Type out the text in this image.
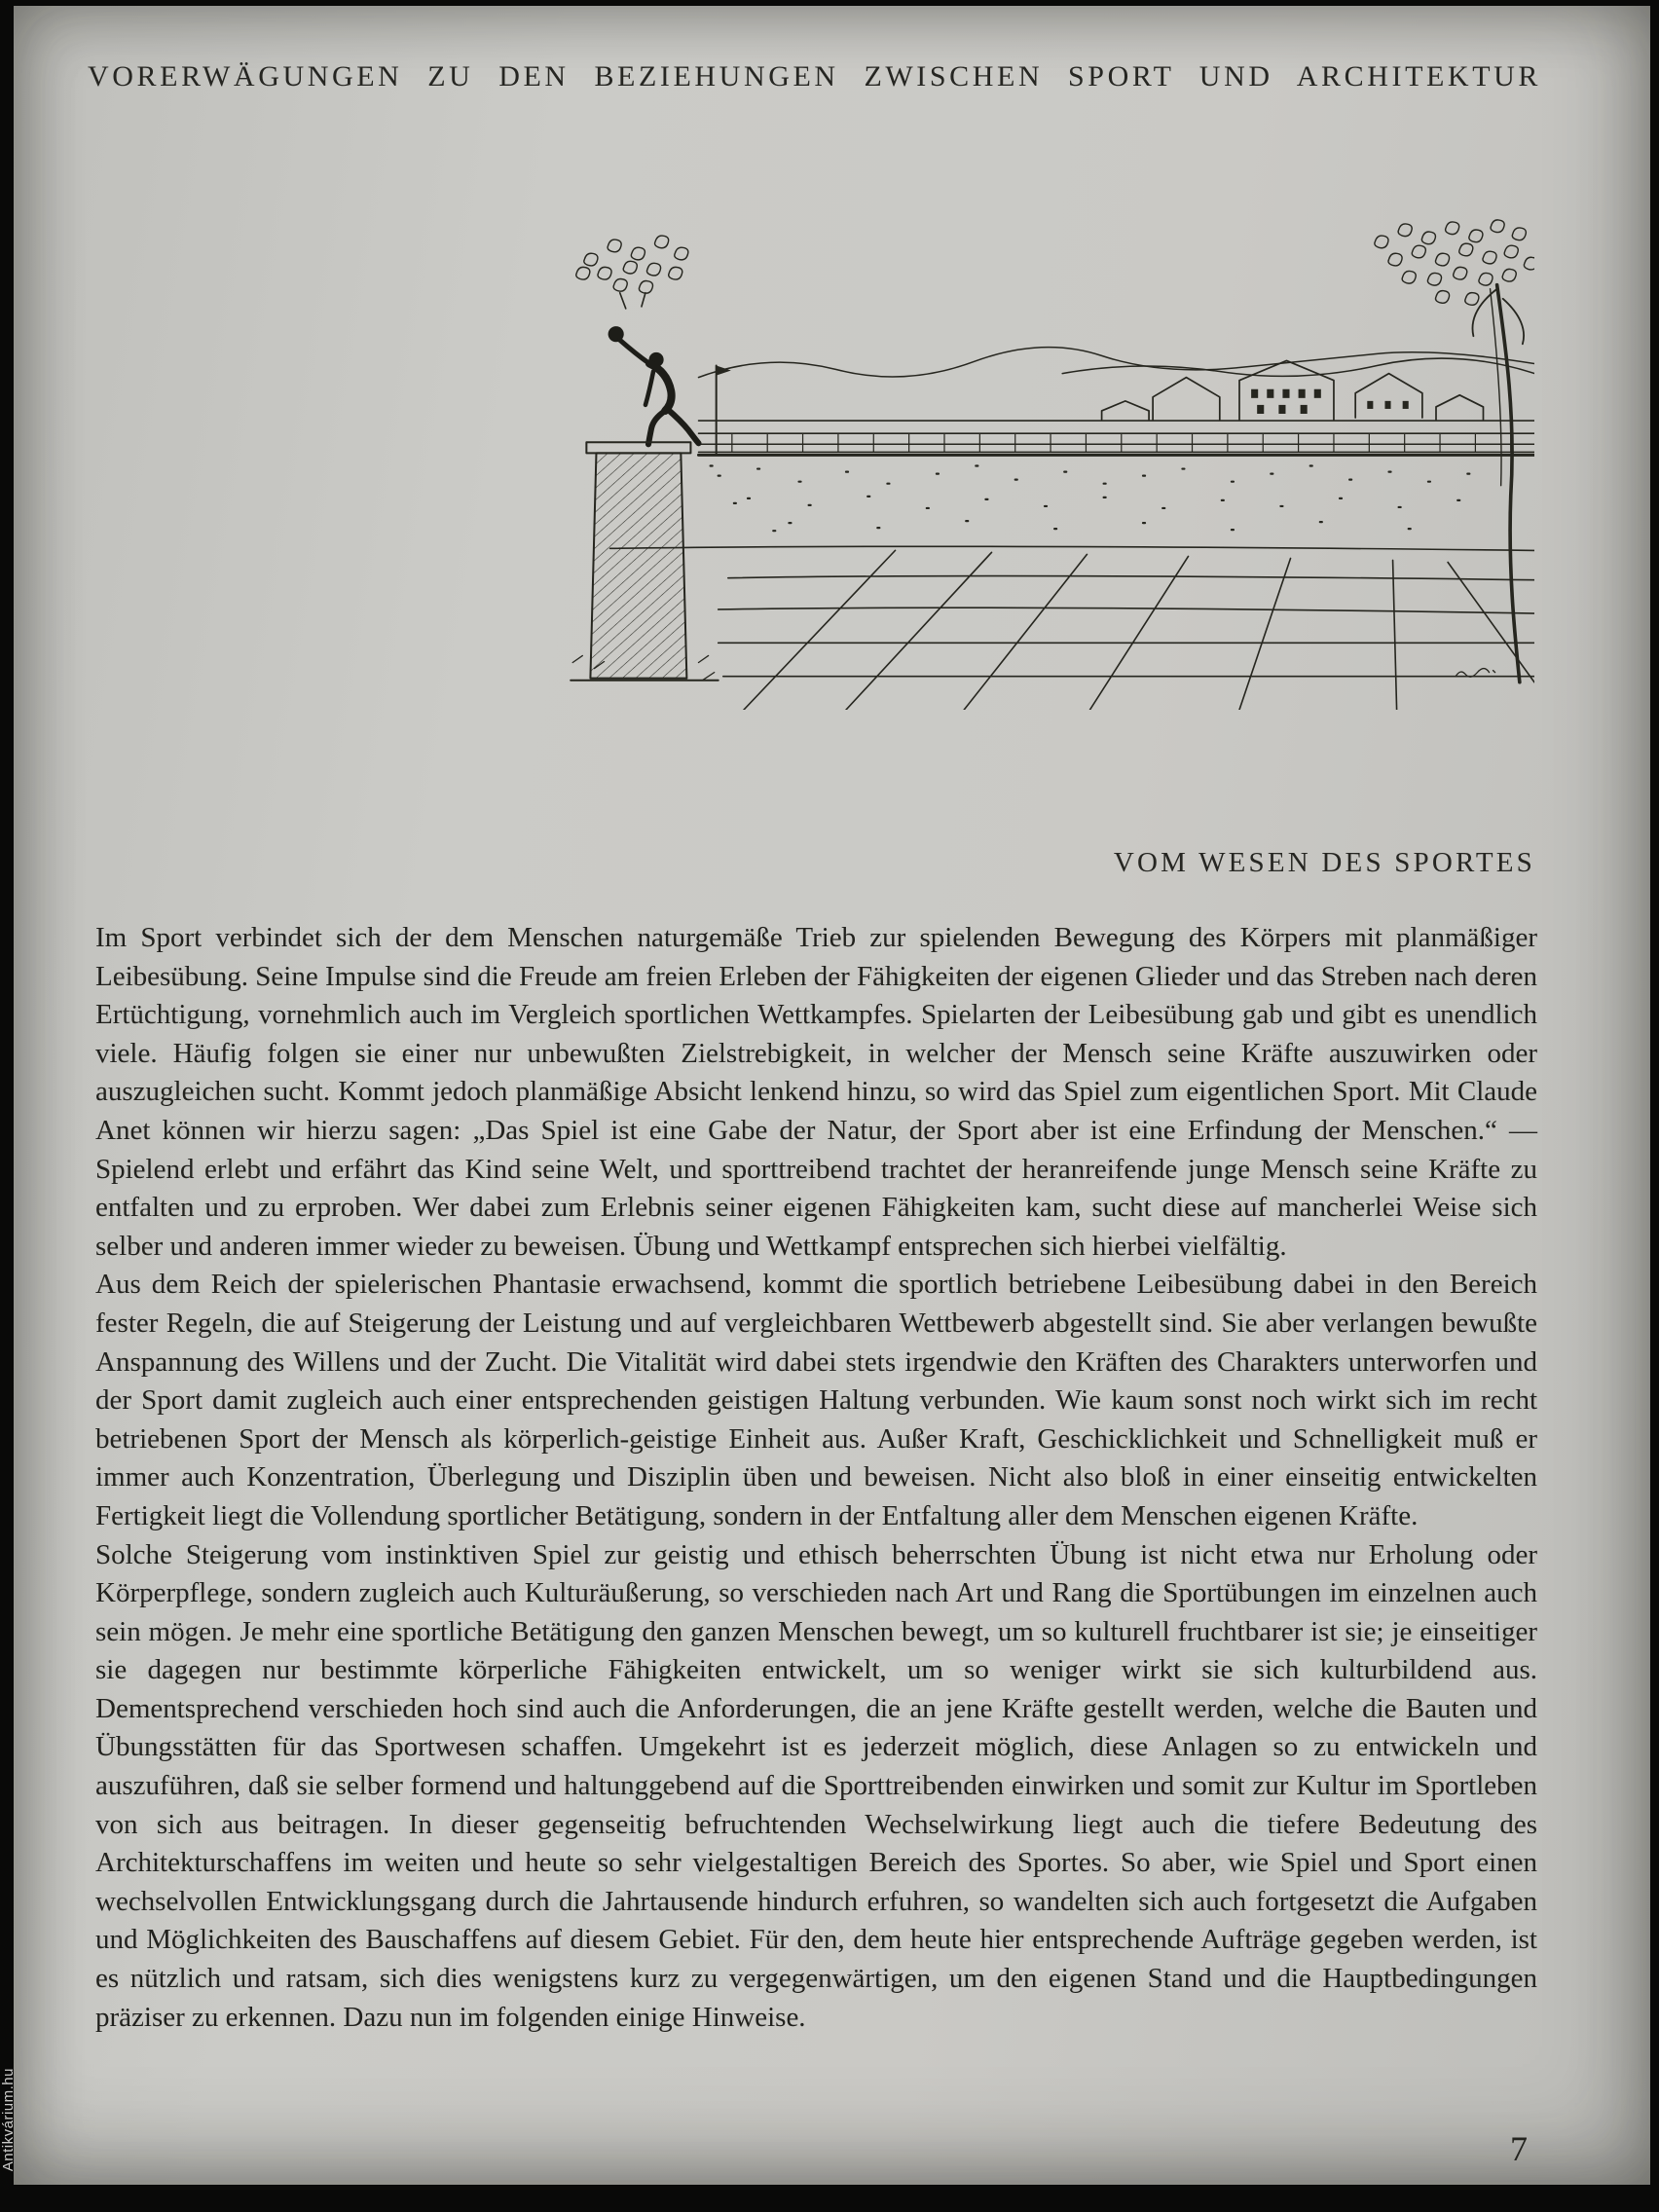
VORERWÄGUNGEN ZU DEN BEZIEHUNGEN ZWISCHEN SPORT UND ARCHITEKTUR
VOM WESEN DES SPORTES

Im Sport verbindet sich der dem Menschen naturgemäße Trieb zur spielenden Bewegung des Körpers mit planmäßiger Leibesübung. Seine Impulse sind die Freude am freien Erleben der Fähigkeiten der eigenen Glieder und das Streben nach deren Ertüchtigung, vornehmlich auch im Vergleich sportlichen Wettkampfes. Spielarten der Leibesübung gab und gibt es unendlich viele. Häufig folgen sie einer nur unbewußten Zielstrebigkeit, in welcher der Mensch seine Kräfte auszuwirken oder auszugleichen sucht. Kommt jedoch planmäßige Absicht lenkend hinzu, so wird das Spiel zum eigentlichen Sport. Mit Claude Anet können wir hierzu sagen: „Das Spiel ist eine Gabe der Natur, der Sport aber ist eine Erfindung der Menschen.“ — Spielend erlebt und erfährt das Kind seine Welt, und sporttreibend trachtet der heranreifende junge Mensch seine Kräfte zu entfalten und zu erproben. Wer dabei zum Erlebnis seiner eigenen Fähigkeiten kam, sucht diese auf mancherlei Weise sich selber und anderen immer wieder zu beweisen. Übung und Wettkampf entsprechen sich hierbei vielfältig.

Aus dem Reich der spielerischen Phantasie erwachsend, kommt die sportlich betriebene Leibesübung dabei in den Bereich fester Regeln, die auf Steigerung der Leistung und auf vergleichbaren Wettbewerb abgestellt sind. Sie aber verlangen bewußte Anspannung des Willens und der Zucht. Die Vitalität wird dabei stets irgendwie den Kräften des Charakters unterworfen und der Sport damit zugleich auch einer entsprechenden geistigen Haltung verbunden. Wie kaum sonst noch wirkt sich im recht betriebenen Sport der Mensch als körperlich-geistige Einheit aus. Außer Kraft, Geschicklichkeit und Schnelligkeit muß er immer auch Konzentration, Überlegung und Disziplin üben und beweisen. Nicht also bloß in einer einseitig entwickelten Fertigkeit liegt die Vollendung sportlicher Betätigung, sondern in der Entfaltung aller dem Menschen eigenen Kräfte.

Solche Steigerung vom instinktiven Spiel zur geistig und ethisch beherrschten Übung ist nicht etwa nur Erholung oder Körperpflege, sondern zugleich auch Kulturäußerung, so verschieden nach Art und Rang die Sportübungen im einzelnen auch sein mögen. Je mehr eine sportliche Betätigung den ganzen Menschen bewegt, um so kulturell fruchtbarer ist sie; je einseitiger sie dagegen nur bestimmte körperliche Fähigkeiten entwickelt, um so weniger wirkt sie sich kulturbildend aus. Dementsprechend verschieden hoch sind auch die Anforderungen, die an jene Kräfte gestellt werden, welche die Bauten und Übungsstätten für das Sportwesen schaffen. Umgekehrt ist es jederzeit möglich, diese Anlagen so zu entwickeln und auszuführen, daß sie selber formend und haltunggebend auf die Sporttreibenden einwirken und somit zur Kultur im Sportleben von sich aus beitragen. In dieser gegenseitig befruchtenden Wechselwirkung liegt auch die tiefere Bedeutung des Architekturschaffens im weiten und heute so sehr vielgestaltigen Bereich des Sportes. So aber, wie Spiel und Sport einen wechselvollen Entwicklungsgang durch die Jahrtausende hindurch erfuhren, so wandelten sich auch fortgesetzt die Aufgaben und Möglichkeiten des Bauschaffens auf diesem Gebiet. Für den, dem heute hier entsprechende Aufträge gegeben werden, ist es nützlich und ratsam, sich dies wenigstens kurz zu vergegenwärtigen, um den eigenen Stand und die Hauptbedingungen präziser zu erkennen. Dazu nun im folgenden einige Hinweise.

7
Antikvárium.hu
